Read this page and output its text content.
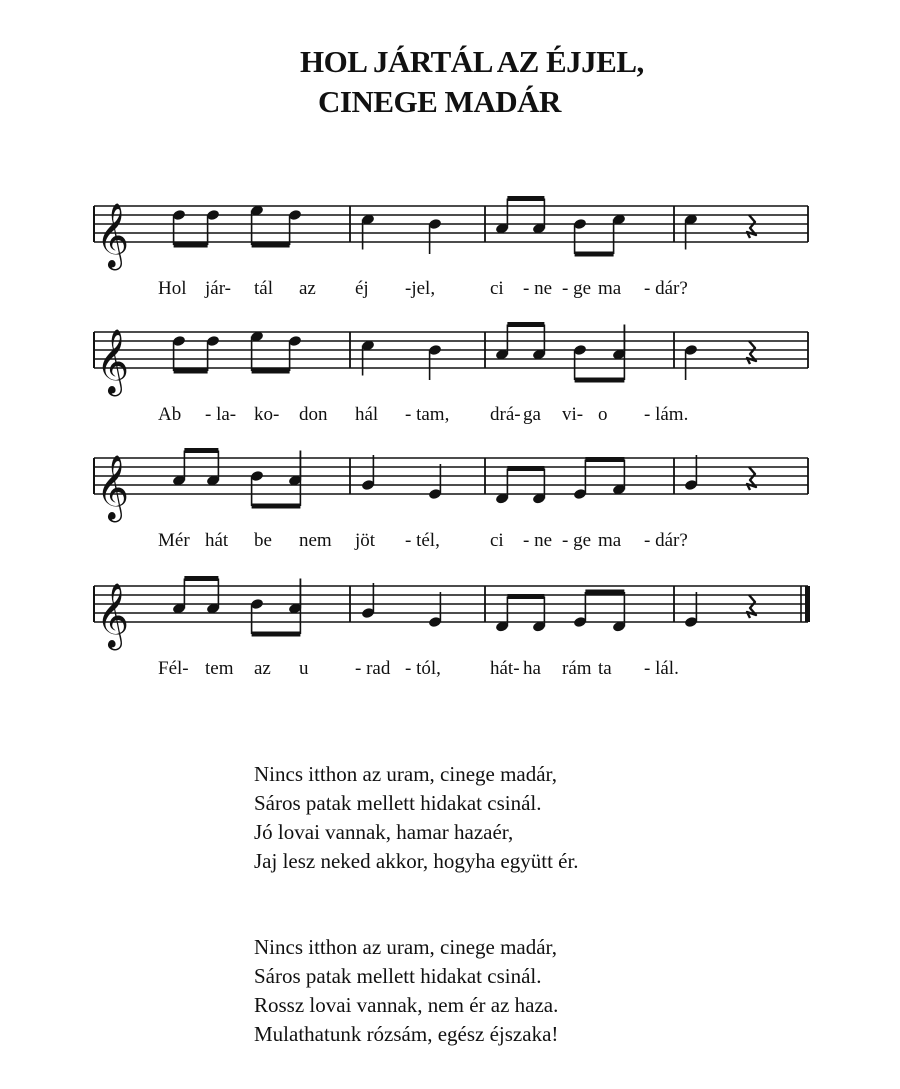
HOL JÁRTÁL AZ ÉJJEL,
CINEGE MADÁR
𝄞
Hol jár- tál az éj -jel,	ci - ne - ge ma - dár?
𝄞
Ab - la- ko- don hál - tam, drá- ga vi- o - lám.
𝄞
Mér hát be nem jöt - tél,	ci - ne - ge ma - dár?
𝄞
Fél- tem az u - rad - tól,	hát- ha rám ta - lál.
Nincs itthon az uram, cinege madár,
Sáros patak mellett hidakat csinál.
Jó lovai vannak, hamar hazaér,
Jaj lesz neked akkor, hogyha együtt ér.
Nincs itthon az uram, cinege madár,
Sáros patak mellett hidakat csinál.
Rossz lovai vannak, nem ér az haza.
Mulathatunk rózsám, egész éjszaka!
